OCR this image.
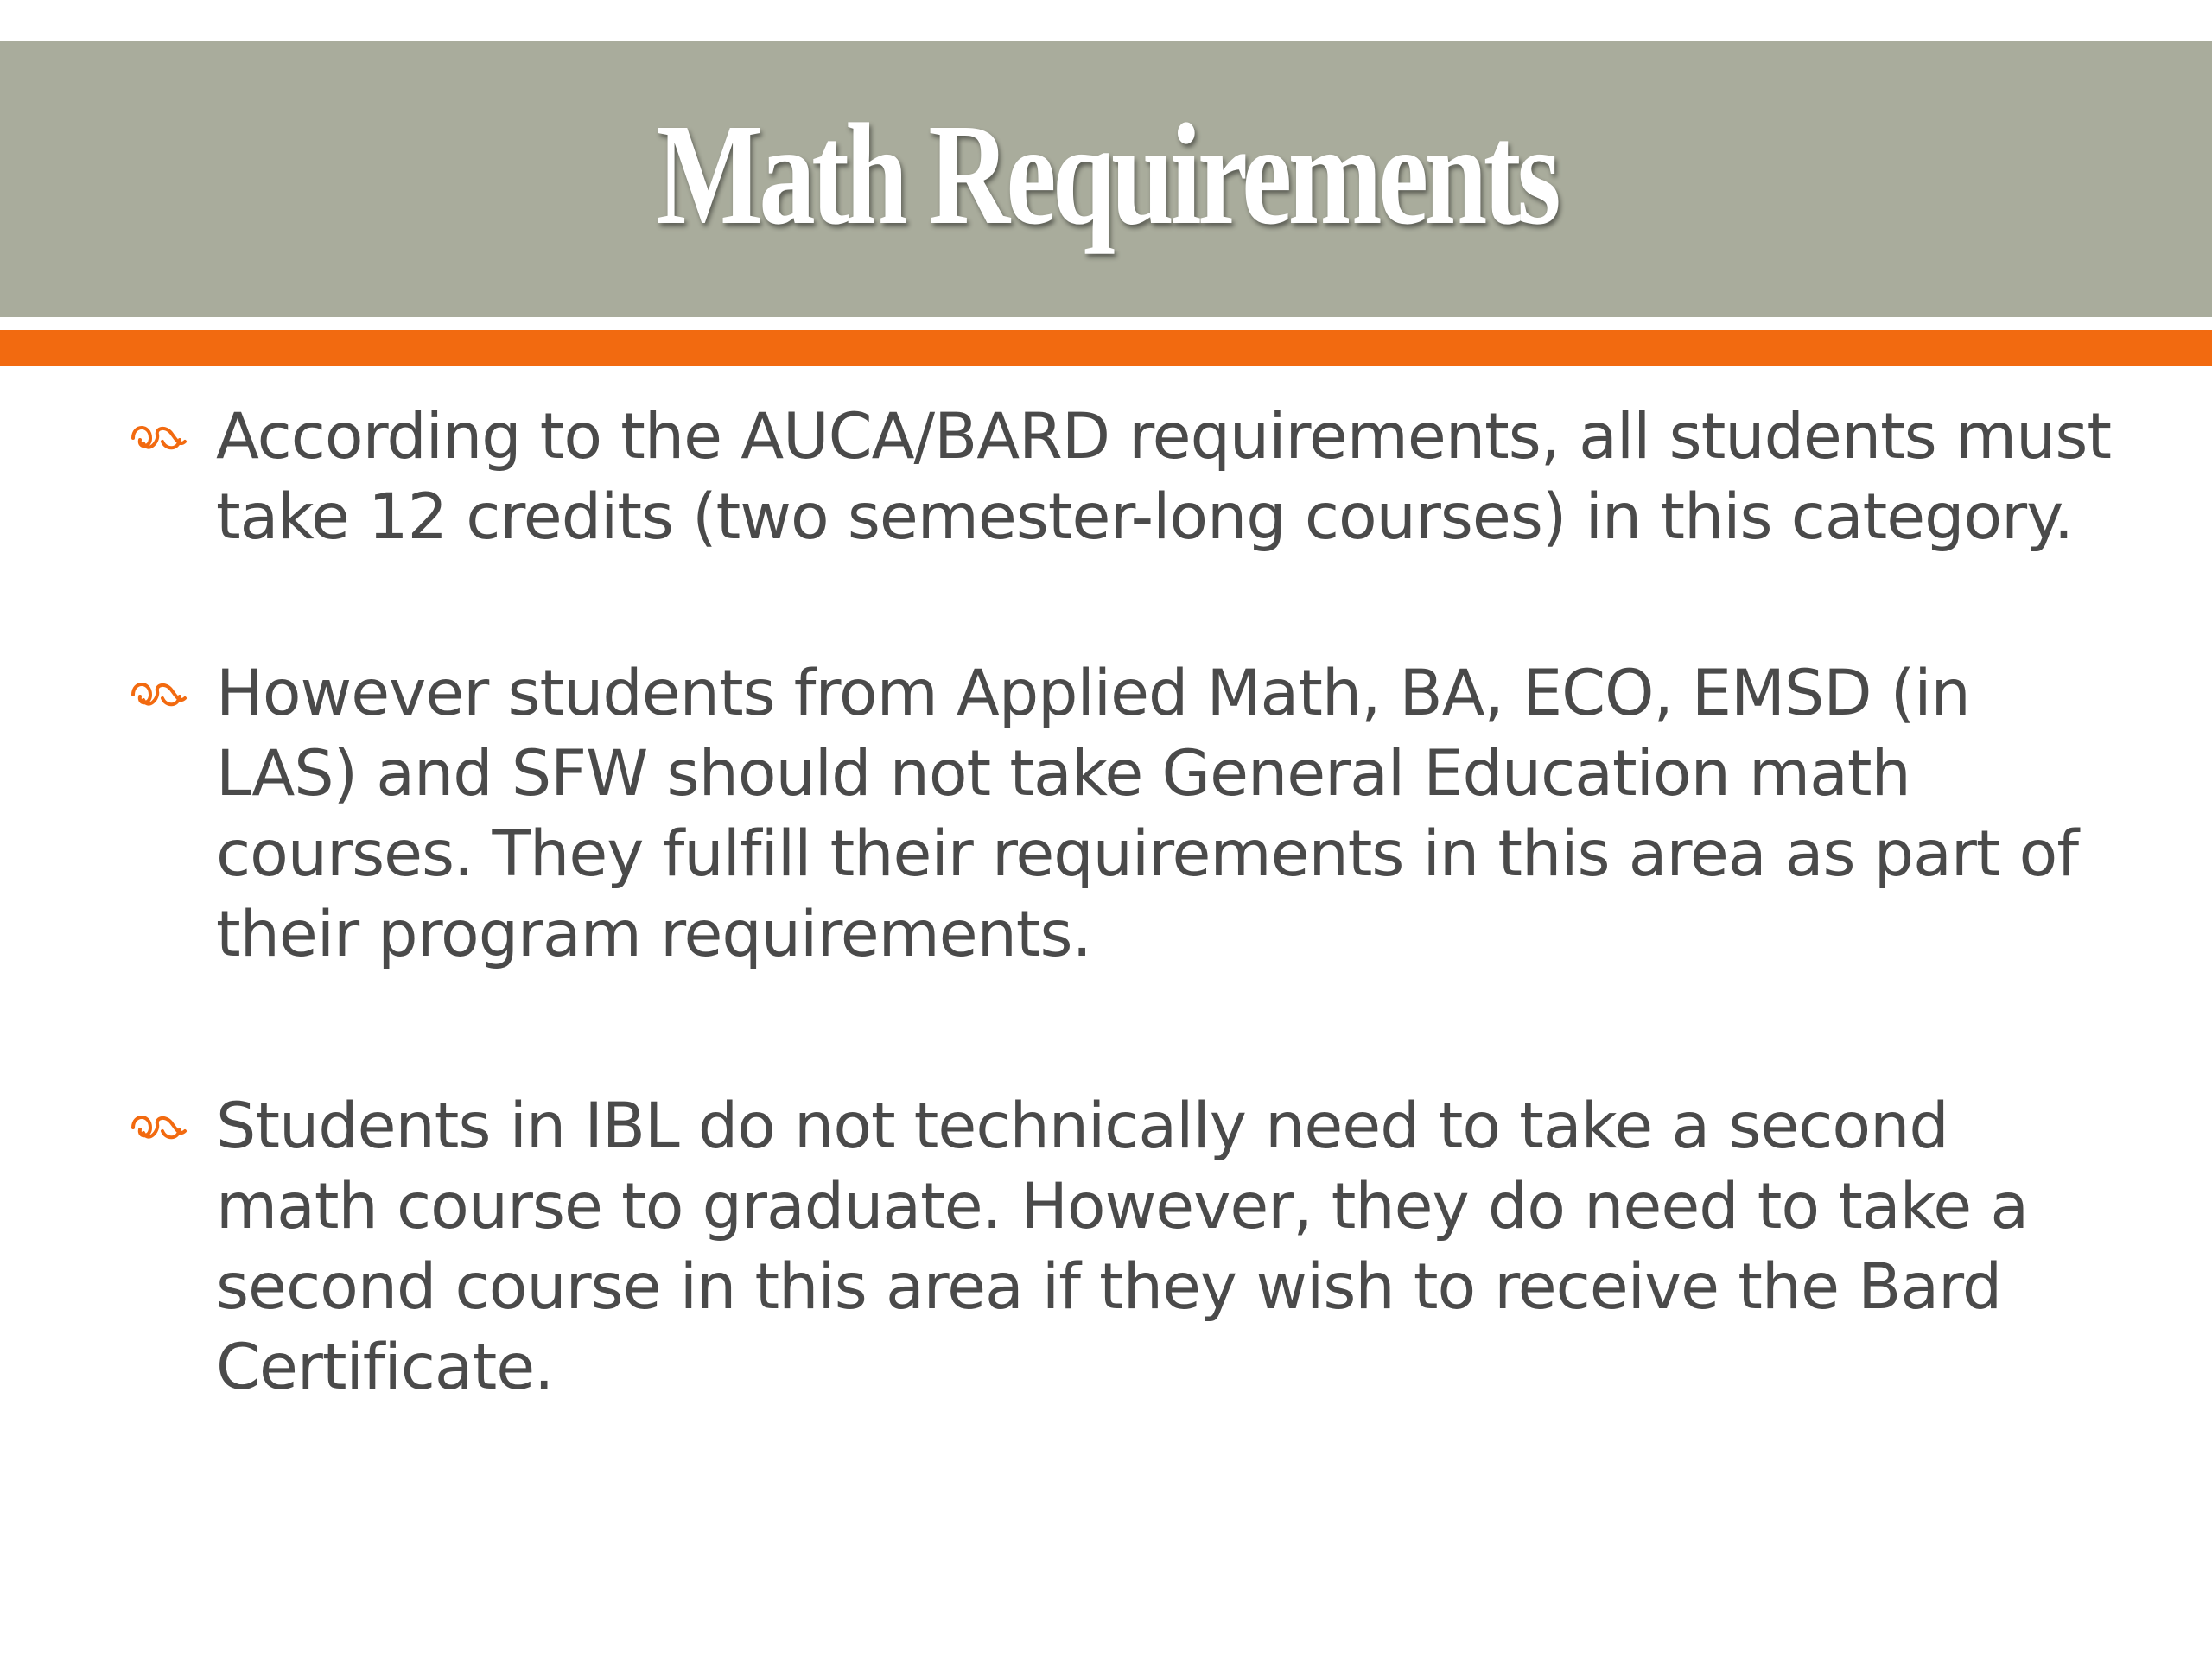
Math Requirements
According to the AUCA/BARD requirements, all students must take 12 credits (two semester-long courses) in this category.
However students from Applied Math, BA, ECO, EMSD (in LAS) and SFW should not take General Education math courses. They fulfill their requirements in this area as part of their program requirements.
Students in IBL do not technically need to take a second math course to graduate. However, they do need to take a second course in this area if they wish to receive the Bard Certificate.
